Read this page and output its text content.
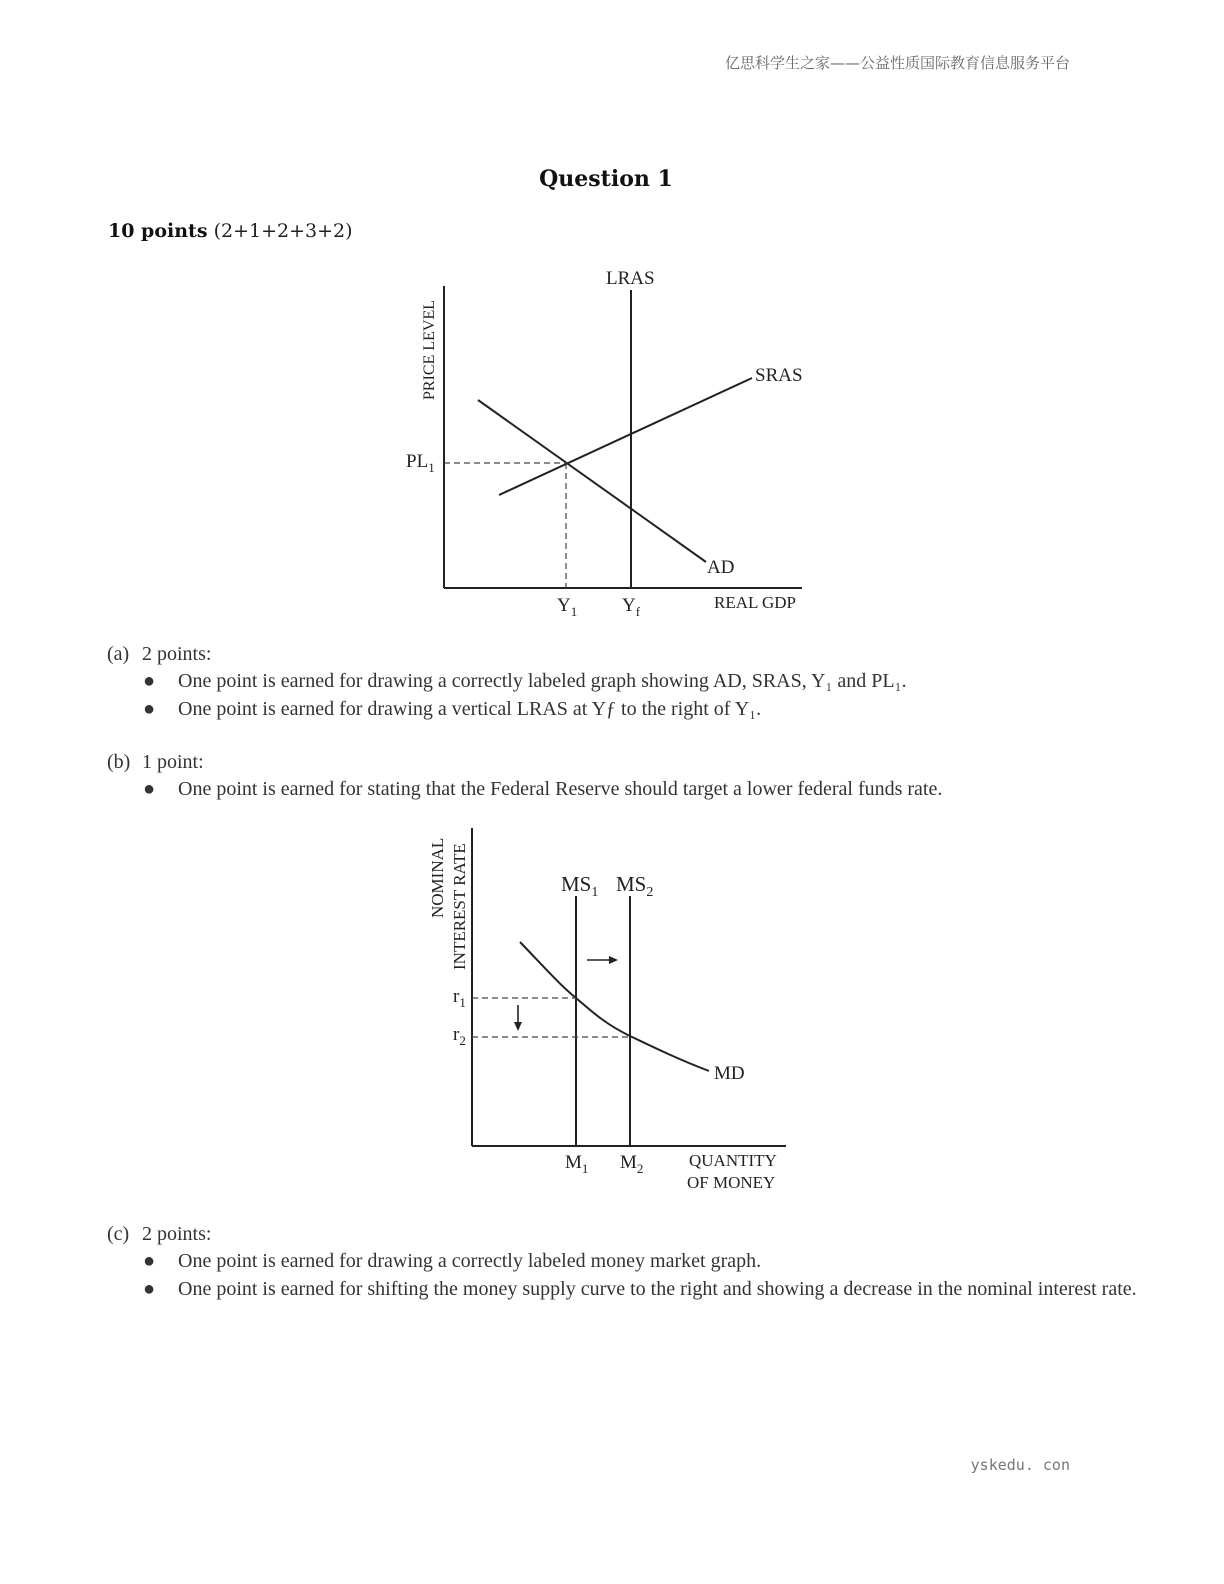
亿思科学生之家——公益性质国际教育信息服务平台
Question 1
10 points (2+1+2+3+2)
LRAS
SRAS
AD
REAL GDP
PRICE LEVEL
$PL_1$
$Y_1$ $Y_f$
(a) 2 points:
● One point is earned for drawing a correctly labeled graph showing AD, SRAS, Y₁ and PL₁.
● One point is earned for drawing a vertical LRAS at Yƒ to the right of Y₁.
(b) 1 point:
● One point is earned for stating that the Federal Reserve should target a lower federal funds rate.
$MS_1$ $MS_2$
MD
$r_1$
$r_2$
$M_1$ $M_2$	QUANTITY
OF MONEY
NOMINAL INTEREST RATE
(c) 2 points:
● One point is earned for drawing a correctly labeled money market graph.
● One point is earned for shifting the money supply curve to the right and showing a decrease in the nominal interest rate.
yskedu. con
